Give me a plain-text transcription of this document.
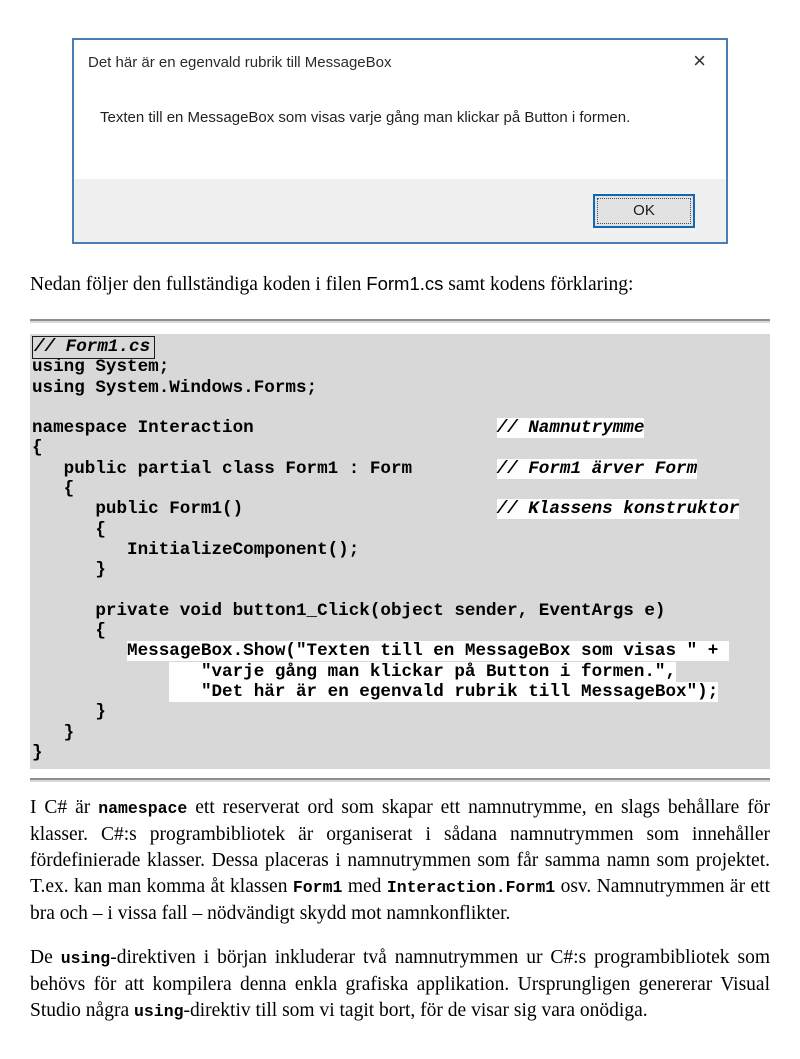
Det här är en egenvald rubrik till MessageBox	×
Texten till en MessageBox som visas varje gång man klickar på Button i formen.
OK

Nedan följer den fullständiga koden i filen Form1.cs samt kodens förklaring:

// Form1.cs
using System;
using System.Windows.Forms;
namespace Interaction                       // Namnutrymme
{
public partial class Form1 : Form        // Form1 ärver Form
{
public Form1()                        // Klassens konstruktor
{
InitializeComponent();
}
private void button1_Click(object sender, EventArgs e)
{
MessageBox.Show("Texten till en MessageBox som visas " +
"varje gång man klickar på Button i formen.",
"Det här är en egenvald rubrik till MessageBox");
}
}
}

I C# är namespace ett reserverat ord som skapar ett namnutrymme, en slags behållare för klasser. C#:s programbibliotek är organiserat i sådana namnutrymmen som innehåller fördefinierade klasser. Dessa placeras i namnutrymmen som får samma namn som projektet. T.ex. kan man komma åt klassen Form1 med Interaction.Form1 osv. Namnutrymmen är ett bra och – i vissa fall – nödvändigt skydd mot namnkonflikter.

De using-direktiven i början inkluderar två namnutrymmen ur C#:s programbibliotek som behövs för att kompilera denna enkla grafiska applikation. Ursprungligen genererar Visual Studio några using-direktiv till som vi tagit bort, för de visar sig vara onödiga.
